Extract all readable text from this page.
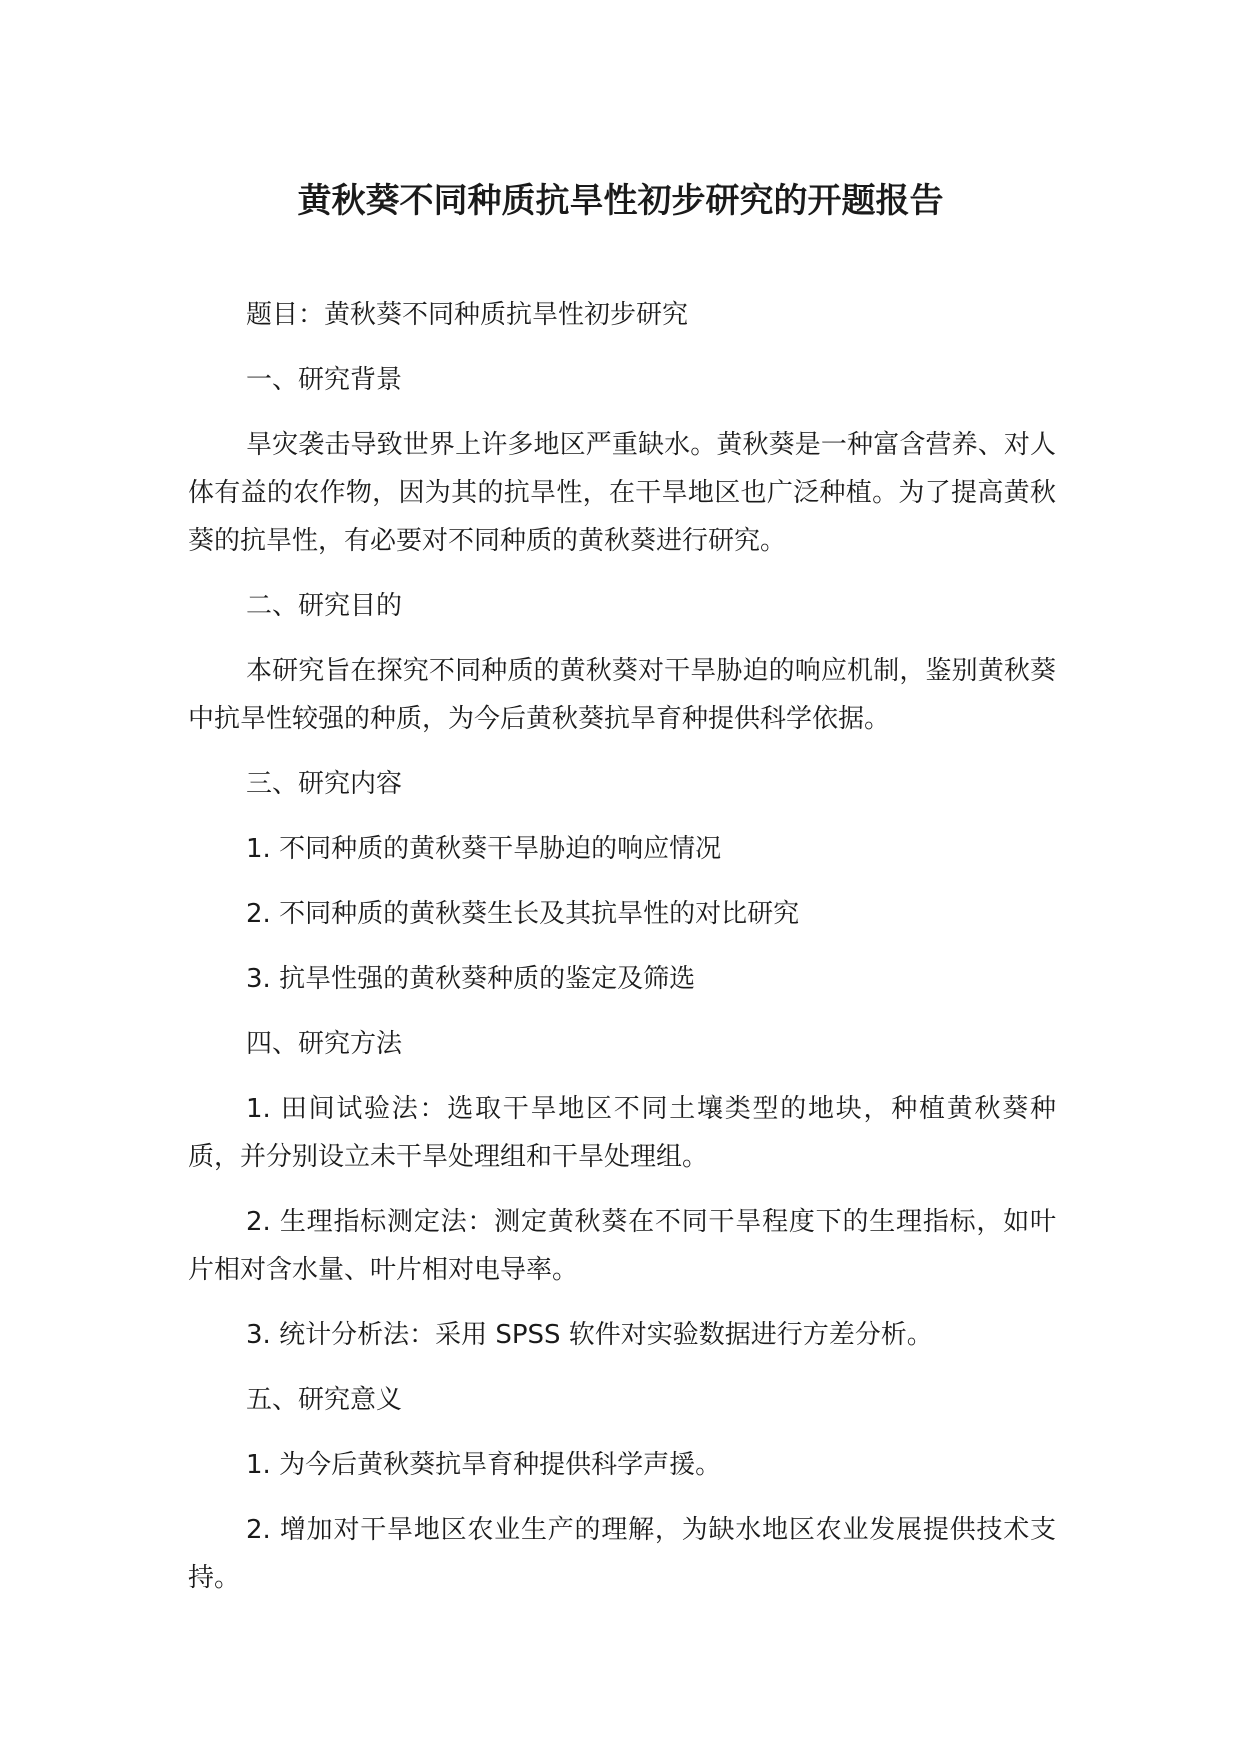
黄秋葵不同种质抗旱性初步研究的开题报告

题目：黄秋葵不同种质抗旱性初步研究

一、研究背景

旱灾袭击导致世界上许多地区严重缺水。黄秋葵是一种富含营养、对人体有益的农作物，因为其的抗旱性，在干旱地区也广泛种植。为了提高黄秋葵的抗旱性，有必要对不同种质的黄秋葵进行研究。

二、研究目的

本研究旨在探究不同种质的黄秋葵对干旱胁迫的响应机制，鉴别黄秋葵中抗旱性较强的种质，为今后黄秋葵抗旱育种提供科学依据。

三、研究内容

1. 不同种质的黄秋葵干旱胁迫的响应情况

2. 不同种质的黄秋葵生长及其抗旱性的对比研究

3. 抗旱性强的黄秋葵种质的鉴定及筛选

四、研究方法

1. 田间试验法：选取干旱地区不同土壤类型的地块，种植黄秋葵种质，并分别设立未干旱处理组和干旱处理组。

2. 生理指标测定法：测定黄秋葵在不同干旱程度下的生理指标，如叶片相对含水量、叶片相对电导率。

3. 统计分析法：采用 SPSS 软件对实验数据进行方差分析。

五、研究意义

1. 为今后黄秋葵抗旱育种提供科学声援。

2. 增加对干旱地区农业生产的理解，为缺水地区农业发展提供技术支持。
